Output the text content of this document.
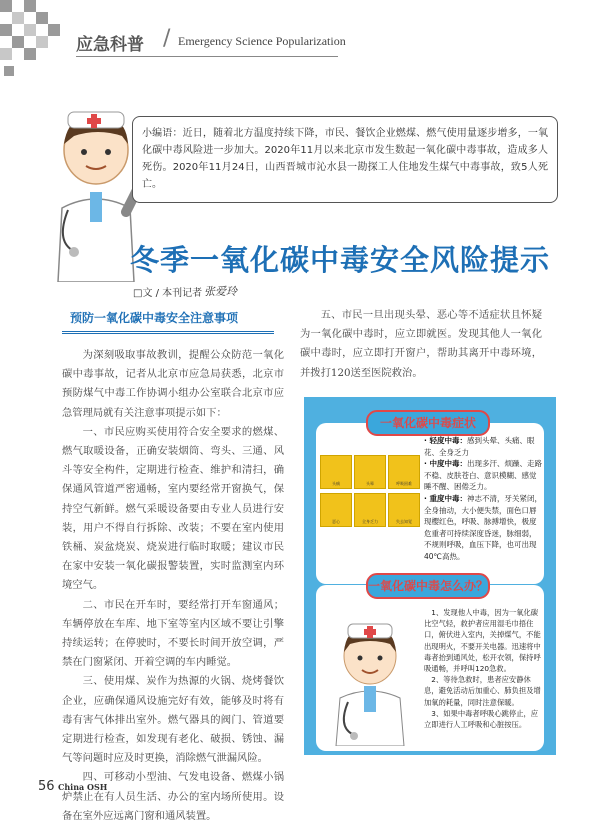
应急科普 / Emergency Science Popularization
小编语：近日，随着北方温度持续下降，市民、餐饮企业燃煤、燃气使用量逐步增多，一氧化碳中毒风险进一步加大。2020年11月以来北京市发生数起一氧化碳中毒事故，造成多人死伤。2020年11月24日，山西晋城市沁水县一勘探工人住地发生煤气中毒事故，致5人死亡。
冬季一氧化碳中毒安全风险提示
□文 / 本刊记者 张爱玲
预防一氧化碳中毒安全注意事项

为深刻吸取事故教训，提醒公众防范一氧化碳中毒事故，记者从北京市应急局获悉，北京市预防煤气中毒工作协调小组办公室联合北京市应急管理局就有关注意事项提示如下：

一、市民应购买使用符合安全要求的燃煤、燃气取暖设备，正确安装烟筒、弯头、三通、风斗等安全构件，定期进行检查、维护和清扫，确保通风管道严密通畅，室内要经常开窗换气，保持空气新鲜。燃气采暖设备要由专业人员进行安装，用户不得自行拆除、改装；不要在室内使用铁桶、炭盆烧炭、烧炭进行临时取暖；建议市民在家中安装一氧化碳报警装置，实时监测室内环境空气。

二、市民在开车时，要经常打开车窗通风；车辆停放在车库、地下室等室内区域不要让引擎持续运转；在停驶时，不要长时间开放空调，严禁在门窗紧闭、开着空调的车内睡觉。

三、使用煤、炭作为热源的火锅、烧烤餐饮企业，应确保通风设施完好有效，能够及时将有毒有害气体排出室外。燃气器具的阀门、管道要定期进行检查，如发现有老化、破损、锈蚀、漏气等问题时应及时更换，消除燃气泄漏风险。

四、可移动小型油、气发电设备、燃煤小锅炉禁止在有人员生活、办公的室内场所使用。设备在室外应远离门窗和通风装置。

五、市民一旦出现头晕、恶心等不适症状且怀疑为一氧化碳中毒时，应立即就医。发现其他人一氧化碳中毒时，应立即打开窗户，帮助其离开中毒环境，并拨打120送至医院救治。

一氧化碳中毒症状
一氧化碳中毒怎么办？
头痛	头晕	呼吸困难
恶心	全身乏力	失去知觉
· 轻度中毒：感到头晕、头痛、眼花、全身乏力
· 中度中毒：出现多汗、烦躁、走路不稳、皮肤苍白、意识模糊、感觉睡不醒、困倦乏力。
· 重度中毒：神志不清，牙关紧闭，全身抽动，大小便失禁，面色口唇现樱红色，呼吸、脉搏增快，极度危重者可持续深度昏迷，脉细弱，不规则呼吸，血压下降，也可出现40℃高热。
1、发现他人中毒，因为一氧化碳比空气轻，救护者应用湿毛巾捂住口，俯伏进入室内，关掉煤气，不能出现明火，不要开关电器。迅速将中毒者抬到通风处，松开衣领，保持呼吸通畅，并呼叫120急救。
2、等待急救时，患者应安静休息，避免活动后加重心、肺负担及增加氧的耗量，同时注意保暖。
3、如果中毒者呼吸心跳停止，应立即进行人工呼吸和心脏按压。
56 China OSH
